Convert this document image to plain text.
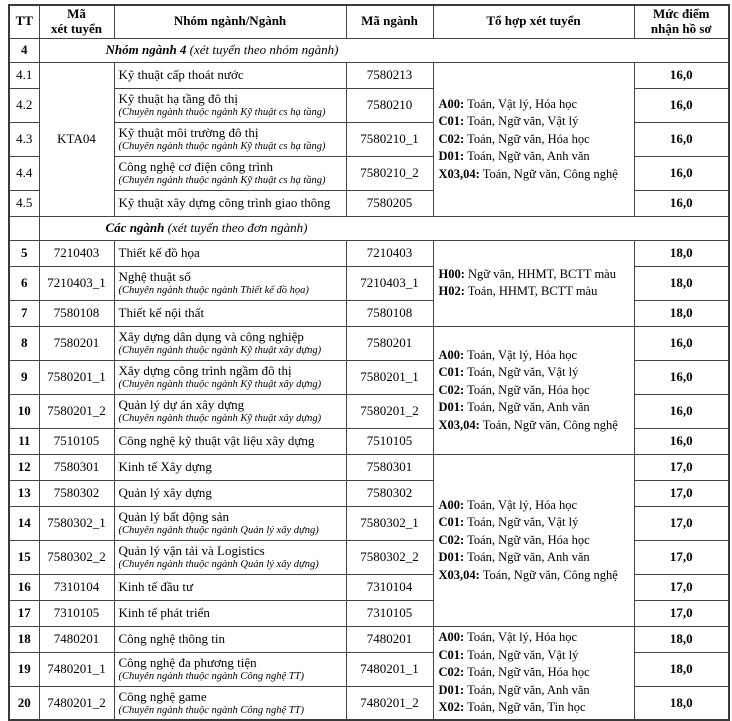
TT	Mã
xét tuyển	Nhóm ngành/Ngành	Mã ngành	Tổ hợp xét tuyển	Mức điểm
nhận hồ sơ
4	Nhóm ngành 4 (xét tuyển theo nhóm ngành)				
4.1	KTA04	Kỹ thuật cấp thoát nước	7580213	A00: Toán, Vật lý, Hóa học
C01: Toán, Ngữ văn, Vật lý
C02: Toán, Ngữ văn, Hóa học
D01: Toán, Ngữ văn, Anh văn
X03,04: Toán, Ngữ văn, Công nghệ	16,0
4.2		Kỹ thuật hạ tầng đô thị
(Chuyên ngành thuộc ngành Kỹ thuật cs hạ tầng)	7580210		16,0
4.3		Kỹ thuật môi trường đô thị
(Chuyên ngành thuộc ngành Kỹ thuật cs hạ tầng)	7580210_1		16,0
4.4		Công nghệ cơ điện công trình
(Chuyên ngành thuộc ngành Kỹ thuật cs hạ tầng)	7580210_2		16,0
4.5		Kỹ thuật xây dựng công trình giao thông	7580205		16,0
	Các ngành (xét tuyển theo đơn ngành)				
5	7210403	Thiết kế đồ họa	7210403	H00: Ngữ văn, HHMT, BCTT màu
H02: Toán, HHMT, BCTT màu	18,0
6	7210403_1	Nghệ thuật số
(Chuyên ngành thuộc ngành Thiết kế đồ họa)	7210403_1		18,0
7	7580108	Thiết kế nội thất	7580108		18,0
8	7580201	Xây dựng dân dụng và công nghiệp
(Chuyên ngành thuộc ngành Kỹ thuật xây dựng)
	7580201	
A00: Toán, Vật lý, Hóa học
C01: Toán, Ngữ văn, Vật lý
C02: Toán, Ngữ văn, Hóa học
D01: Toán, Ngữ văn, Anh văn
X03,04: Toán, Ngữ văn, Công nghệ
	16,0
9	7580201_1	Xây dựng công trình ngầm đô thị
(Chuyên ngành thuộc ngành Kỹ thuật xây dựng)	7580201_1		16,0
10	7580201_2	Quản lý dự án xây dựng
(Chuyên ngành thuộc ngành Kỹ thuật xây dựng)	7580201_2		16,0
11	7510105	Công nghệ kỹ thuật vật liệu xây dựng	7510105		16,0
12	7580301	Kinh tế Xây dựng	7580301	A00: Toán, Vật lý, Hóa học
C01: Toán, Ngữ văn, Vật lý
C02: Toán, Ngữ văn, Hóa học
D01: Toán, Ngữ văn, Anh văn
X03,04: Toán, Ngữ văn, Công nghệ	17,0
13	7580302	Quản lý xây dựng	7580302		17,0
14	7580302_1	Quản lý bất động sản
(Chuyên ngành thuộc ngành Quản lý xây dựng)	7580302_1		17,0
15	7580302_2	Quản lý vận tải và Logistics
(Chuyên ngành thuộc ngành Quản lý xây dựng)	7580302_2		17,0
16	7310104	Kinh tế đầu tư	7310104		17,0
17	7310105	Kinh tế phát triển	7310105		17,0
18	7480201	Công nghệ thông tin	7480201	A00: Toán, Vật lý, Hóa học
C01: Toán, Ngữ văn, Vật lý
C02: Toán, Ngữ văn, Hóa học
D01: Toán, Ngữ văn, Anh văn
X02: Toán, Ngữ văn, Tin học	18,0
19	7480201_1	Công nghệ đa phương tiện
(Chuyên ngành thuộc ngành Công nghệ TT)	7480201_1		18,0
20	7480201_2	Công nghệ game
(Chuyên ngành thuộc ngành Công nghệ TT)	7480201_2		18,0
